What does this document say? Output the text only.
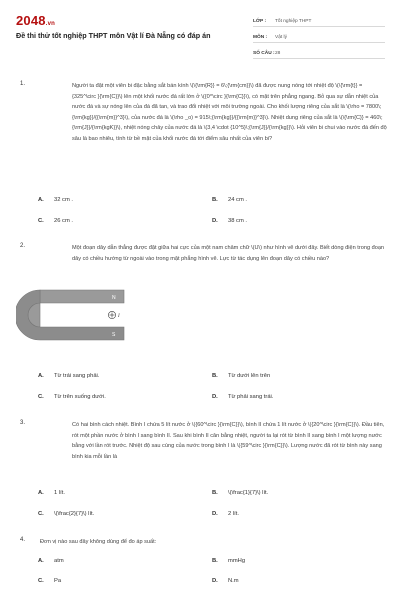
2048.vn
Đề thi thử tốt nghiệp THPT môn Vật lí Đà Nẵng có đáp án
LỚP :	Tốt nghiệp THPT
MÔN :	Vật lý
SỐ CÂU : 28
1.	Người ta đặt một viên bi đặc bằng sắt bán kính \(\{\rm{R}} = 6\;{\rm{cm}}\) đã được nung nóng tới nhiệt độ \(\{\rm{t}} = {325^\circ }{\rm{C}}\) lên một khối nước đá rất lớn ở \({0^\circ }{\rm{C}}\), có mặt trên phẳng ngang. Bỏ qua sự dẫn nhiệt của nước đá và sự nóng lên của đá đã tan, và trao đổi nhiệt với môi trường ngoài. Cho khối lượng riêng của sắt là \(\rho = 7800\;{\rm{kg}}/{{\rm{m}}^3}\), của nước đá là \(\rho _o) = 915\;{\rm{kg}}/{{\rm{m}}^3}\). Nhiệt dung riêng của sắt là \(\{\rm{C}} = 460\;{\rm{J}}/{\rm{kgK}}\), nhiệt nóng chảy của nước đá là \(3,4 \cdot {10^5}\;{\rm{J}}/{\rm{kg}}\). Hỏi viên bi chui vào nước đá đến độ sâu là bao nhiêu, tính từ bề mặt của khối nước đá tới điểm sâu nhất của viên bi?
A. 32 cm .	B. 24 cm .
C. 26 cm .	D. 38 cm .
2.	Một đoạn dây dẫn thẳng được đặt giữa hai cực của một nam châm chữ \(U\) như hình vẽ dưới đây. Biết dòng điện trong đoạn dây có chiều hướng từ ngoài vào trong mặt phẳng hình vẽ. Lực từ tác dụng lên đoạn dây có chiều nào?
N
S
I
A. Từ trái sang phải.	B. Từ dưới lên trên
C. Từ trên xuống dưới.	D. Từ phải sang trái.
3.	Có hai bình cách nhiệt. Bình I chứa 5 lít nước ở \({60^\circ }{\rm{C}}\), bình II chứa 1 lít nước ở \({20^\circ }{\rm{C}}\). Đầu tiên, rót một phần nước ở bình I sang bình II. Sau khi bình II cân bằng nhiệt, người ta lại rót từ bình II sang bình I một lượng nước bằng với lần rót trước. Nhiệt độ sau cùng của nước trong bình I là \({59^\circ }{\rm{C}}\). Lượng nước đã rót từ bình này sang bình kia mỗi lần là
A. 1 lít.	B. \(\frac{1}{7}\) lít.
C. \(\frac{2}{7}\) lít.	D. 2 lít.
4.	Đơn vị nào sau đây không dùng để đo áp suất:
A. atm	B. mmHg
C. Pa	D. N.m
